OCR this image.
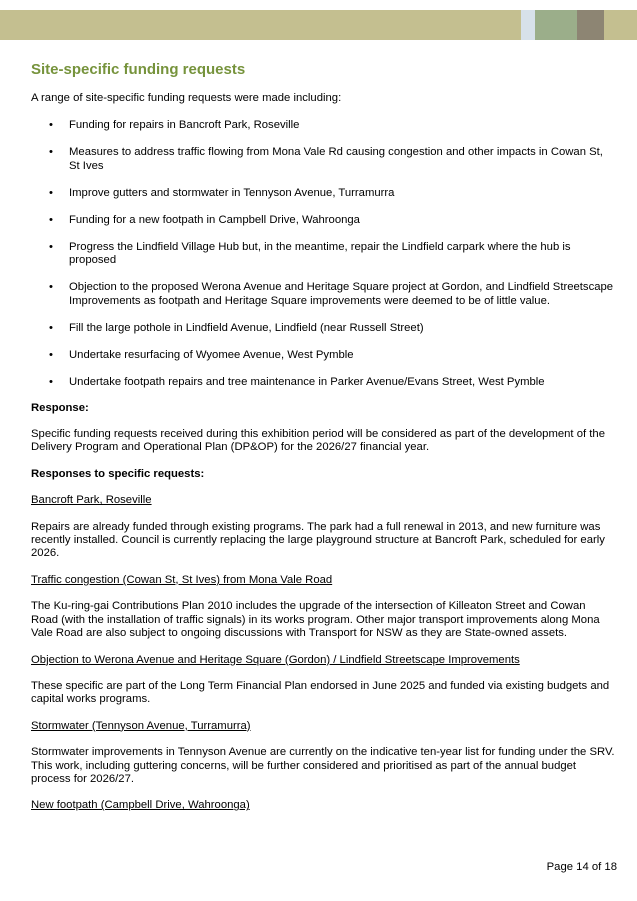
Site-specific funding requests

A range of site-specific funding requests were made including:

• Funding for repairs in Bancroft Park, Roseville
• Measures to address traffic flowing from Mona Vale Rd causing congestion and other impacts in Cowan St, St Ives
• Improve gutters and stormwater in Tennyson Avenue, Turramurra
• Funding for a new footpath in Campbell Drive, Wahroonga
• Progress the Lindfield Village Hub but, in the meantime, repair the Lindfield carpark where the hub is proposed
• Objection to the proposed Werona Avenue and Heritage Square project at Gordon, and Lindfield Streetscape Improvements as footpath and Heritage Square improvements were deemed to be of little value.
• Fill the large pothole in Lindfield Avenue, Lindfield (near Russell Street)
• Undertake resurfacing of Wyomee Avenue, West Pymble
• Undertake footpath repairs and tree maintenance in Parker Avenue/Evans Street, West Pymble

Response:

Specific funding requests received during this exhibition period will be considered as part of the development of the Delivery Program and Operational Plan (DP&OP) for the 2026/27 financial year.

Responses to specific requests:

Bancroft Park, Roseville

Repairs are already funded through existing programs. The park had a full renewal in 2013, and new furniture was recently installed. Council is currently replacing the large playground structure at Bancroft Park, scheduled for early 2026.

Traffic congestion (Cowan St, St Ives) from Mona Vale Road

The Ku-ring-gai Contributions Plan 2010 includes the upgrade of the intersection of Killeaton Street and Cowan Road (with the installation of traffic signals) in its works program. Other major transport improvements along Mona Vale Road are also subject to ongoing discussions with Transport for NSW as they are State-owned assets.

Objection to Werona Avenue and Heritage Square (Gordon) / Lindfield Streetscape Improvements

These specific are part of the Long Term Financial Plan endorsed in June 2025 and funded via existing budgets and capital works programs.

Stormwater (Tennyson Avenue, Turramurra)

Stormwater improvements in Tennyson Avenue are currently on the indicative ten-year list for funding under the SRV. This work, including guttering concerns, will be further considered and prioritised as part of the annual budget process for 2026/27.

New footpath (Campbell Drive, Wahroonga)

Page 14 of 18
